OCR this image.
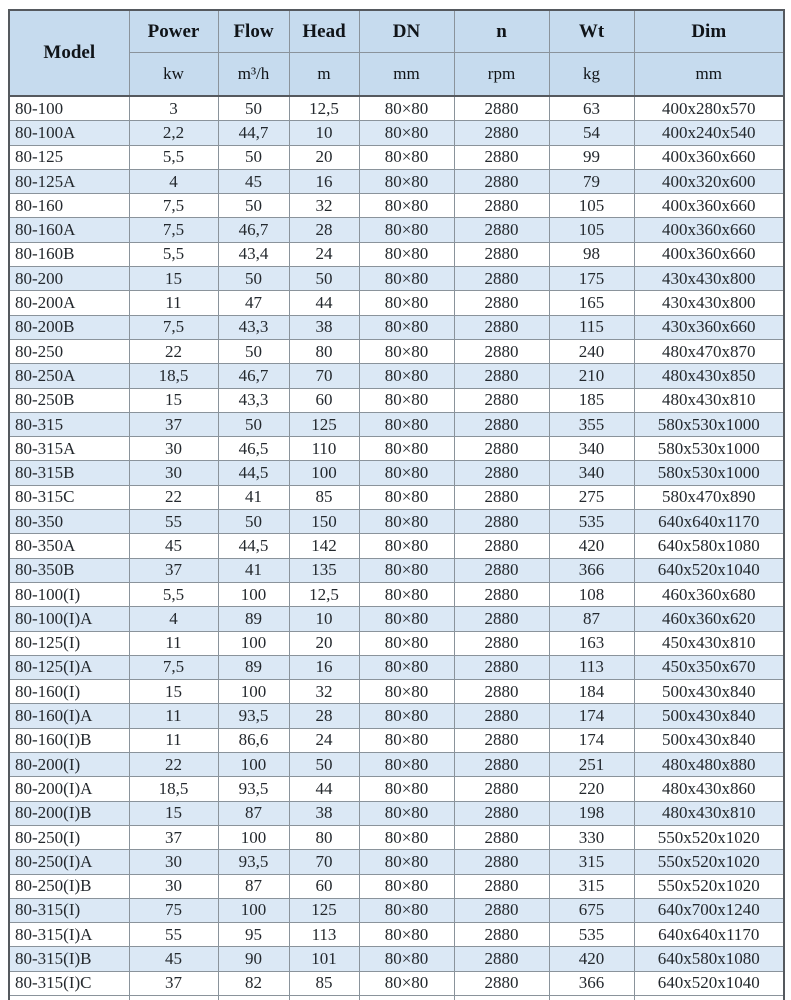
Model	Power	Flow	Head	DN	n	Wt	Dim
	kw	m³/h	m	mm	rpm	kg	mm
80-100	3	50	12,5	80×80	2880	63	400x280x570
80-100A	2,2	44,7	10	80×80	2880	54	400x240x540
80-125	5,5	50	20	80×80	2880	99	400x360x660
80-125A	4	45	16	80×80	2880	79	400x320x600
80-160	7,5	50	32	80×80	2880	105	400x360x660
80-160A	7,5	46,7	28	80×80	2880	105	400x360x660
80-160B	5,5	43,4	24	80×80	2880	98	400x360x660
80-200	15	50	50	80×80	2880	175	430x430x800
80-200A	11	47	44	80×80	2880	165	430x430x800
80-200B	7,5	43,3	38	80×80	2880	115	430x360x660
80-250	22	50	80	80×80	2880	240	480x470x870
80-250A	18,5	46,7	70	80×80	2880	210	480x430x850
80-250B	15	43,3	60	80×80	2880	185	480x430x810
80-315	37	50	125	80×80	2880	355	580x530x1000
80-315A	30	46,5	110	80×80	2880	340	580x530x1000
80-315B	30	44,5	100	80×80	2880	340	580x530x1000
80-315C	22	41	85	80×80	2880	275	580x470x890
80-350	55	50	150	80×80	2880	535	640x640x1170
80-350A	45	44,5	142	80×80	2880	420	640x580x1080
80-350B	37	41	135	80×80	2880	366	640x520x1040
80-100(I)	5,5	100	12,5	80×80	2880	108	460x360x680
80-100(I)A	4	89	10	80×80	2880	87	460x360x620
80-125(I)	11	100	20	80×80	2880	163	450x430x810
80-125(I)A	7,5	89	16	80×80	2880	113	450x350x670
80-160(I)	15	100	32	80×80	2880	184	500x430x840
80-160(I)A	11	93,5	28	80×80	2880	174	500x430x840
80-160(I)B	11	86,6	24	80×80	2880	174	500x430x840
80-200(I)	22	100	50	80×80	2880	251	480x480x880
80-200(I)A	18,5	93,5	44	80×80	2880	220	480x430x860
80-200(I)B	15	87	38	80×80	2880	198	480x430x810
80-250(I)	37	100	80	80×80	2880	330	550x520x1020
80-250(I)A	30	93,5	70	80×80	2880	315	550x520x1020
80-250(I)B	30	87	60	80×80	2880	315	550x520x1020
80-315(I)	75	100	125	80×80	2880	675	640x700x1240
80-315(I)A	55	95	113	80×80	2880	535	640x640x1170
80-315(I)B	45	90	101	80×80	2880	420	640x580x1080
80-315(I)C	37	82	85	80×80	2880	366	640x520x1040
